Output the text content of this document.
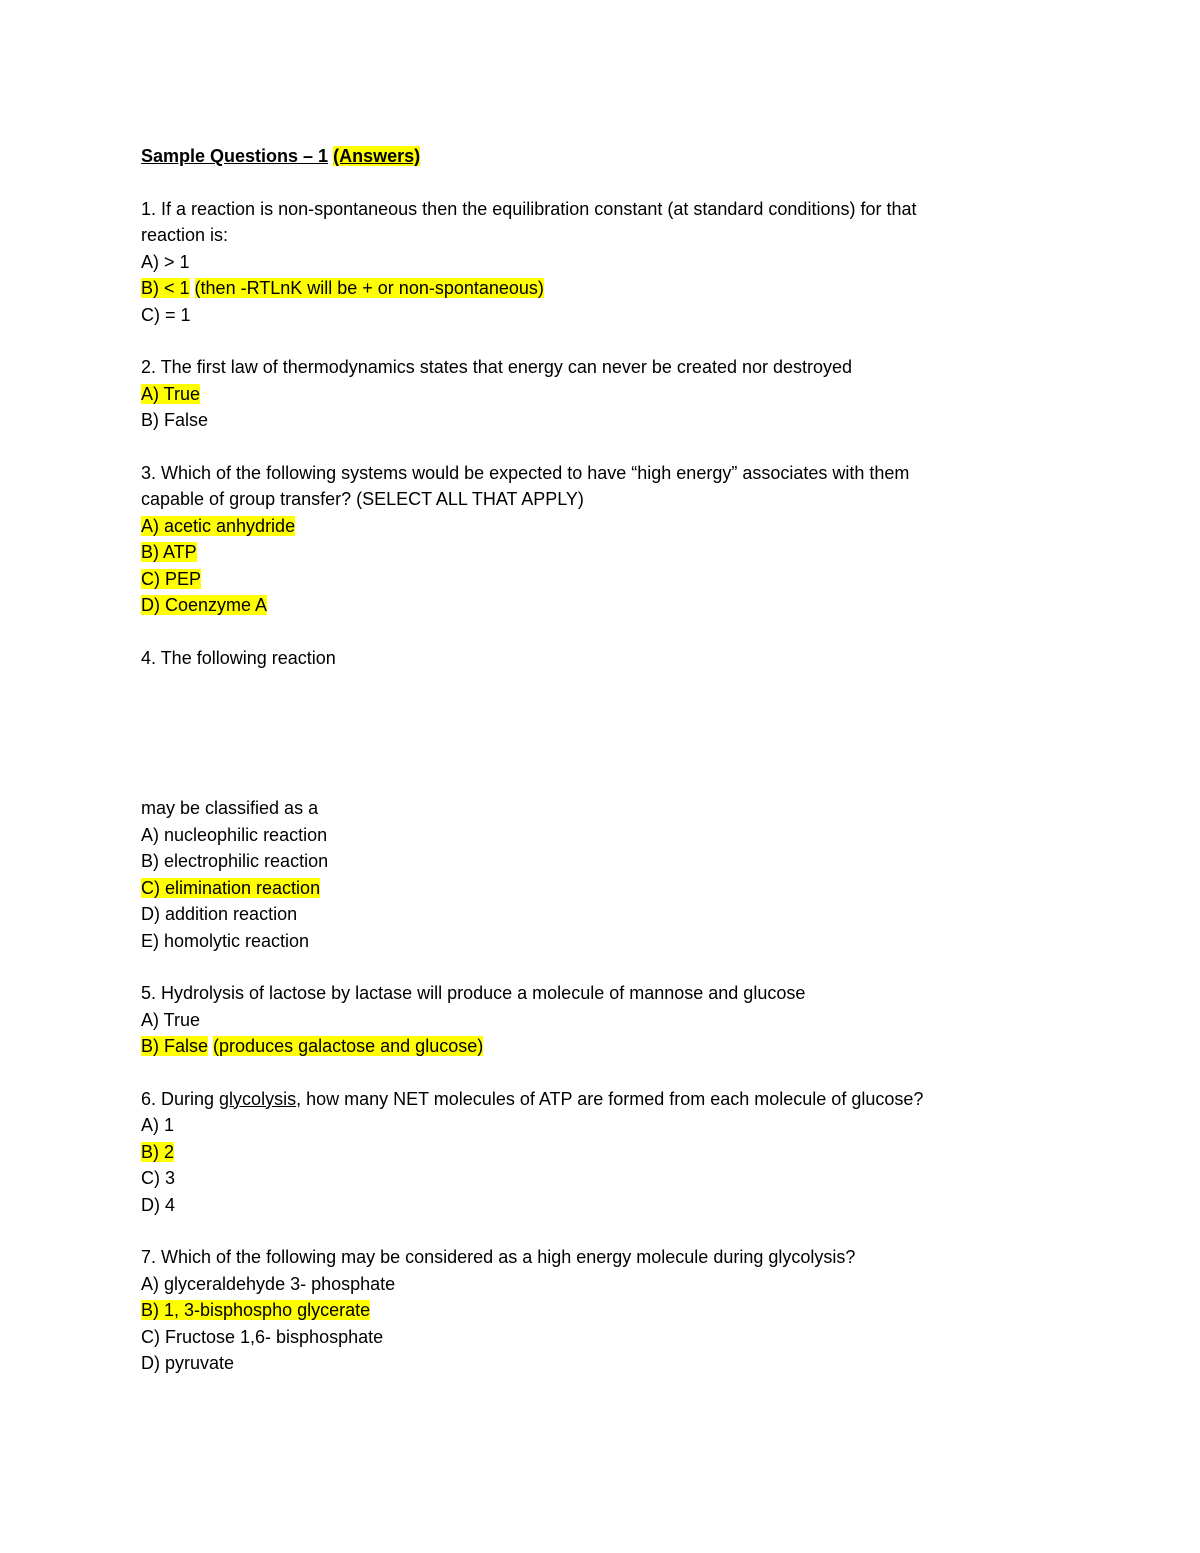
Sample Questions – 1 (Answers)
1. If a reaction is non-spontaneous then the equilibration constant (at standard conditions) for that
reaction is:
A) > 1
B) < 1 (then -RTLnK will be + or non-spontaneous)
C) = 1
2. The first law of thermodynamics states that energy can never be created nor destroyed
A) True
B) False
3. Which of the following systems would be expected to have “high energy” associates with them
capable of group transfer? (SELECT ALL THAT APPLY)
A) acetic anhydride
B) ATP
C) PEP
D) Coenzyme A
4. The following reaction
may be classified as a
A) nucleophilic reaction
B) electrophilic reaction
C) elimination reaction
D) addition reaction
E) homolytic reaction
5. Hydrolysis of lactose by lactase will produce a molecule of mannose and glucose
A) True
B) False (produces galactose and glucose)
6. During glycolysis, how many NET molecules of ATP are formed from each molecule of glucose?
A) 1
B) 2
C) 3
D) 4
7. Which of the following may be considered as a high energy molecule during glycolysis?
A) glyceraldehyde 3- phosphate
B) 1, 3-bisphospho glycerate
C) Fructose 1,6- bisphosphate
D) pyruvate
